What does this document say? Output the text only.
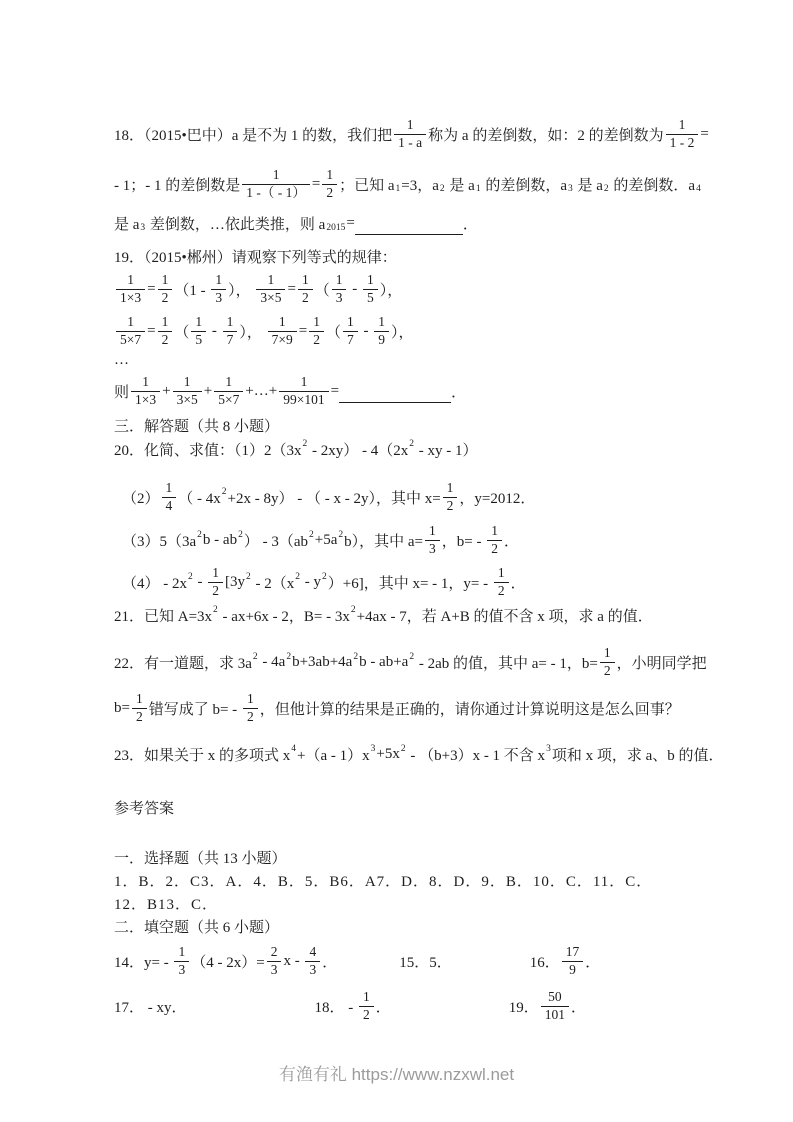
18．（2015•巴中）a 是不为 1 的数，我们把 $\frac{1}{1 - a}$ 称为 a 的差倒数，如：2 的差倒数为 $\frac{1}{1 - 2}$ =
- 1；- 1 的差倒数是 $\frac{1}{1 -( - 1)} = \frac{1}{2}$ ；已知 a 1 =3，a 2 是 a 1 的差倒数，a 3 是 a 2 的差倒数．a 4
是 a 3 差倒数，…依此类推，则 a 2015 =	．
19．（2015•郴州）请观察下列等式的规律：
$\frac{1}{1\times 3} = \frac{1}{2} (1 - \frac{1}{3}$ ）， $\frac{1}{3\times 5} = \frac{1}{2}$ （ $\frac{1}{3} - \frac{1}{5}$ ），
$\frac{1}{5\times 7} = \frac{1}{2}$ （ $\frac{1}{5} - \frac{1}{7}$ ）， $\frac{1}{7\times 9} = \frac{1}{2}$ （ $\frac{1}{7} - \frac{1}{9}$ ），
…
则 $\frac{1}{1\times 3} + \frac{1}{3\times 5} + \frac{1}{5\times 7}$ +…+ $\frac{1}{99\times 101}$ =	．
三．解答题（共 8 小题）
20．化简、求值：（1）2（3x 2 - 2xy） - 4（2x 2 - xy - 1）
$(2) \frac{1}{4}$ （ - 4x 2 +2x - 8y） - （ - x - 2y），其中 $x= \frac{1}{2}$ ，y=2012．
（3）5（3a 2 b - ab 2 ） - 3（ab 2 +5a 2 b），其中 $a= \frac{1}{3}$ ，$b= - \frac{1}{2}$ ．
（4） - 2x $2 - \frac{1}{2} [3y$ 2 - 2（x 2 - y 2 ）+6]，其中 x= - 1，$y= - \frac{1}{2}$ ．
21．已知 A=3x 2 - ax+6x - 2，B= - 3x 2 +4ax - 7，若 A+B 的值不含 x 项，求 a 的值．
22．有一道题，求 3a 2 - 4a 2 b+3ab+4a 2 b - ab+a 2 - 2ab 的值，其中 a= - 1，$b= \frac{1}{2}$ ，小明同学把
$b= \frac{1}{2}$ 错写成了 $b= - \frac{1}{2}$ ，但他计算的结果是正确的，请你通过计算说明这是怎么回事？
23．如果关于 x 的多项式 x 4 +（a - 1）x 3 +5x 2 - （b+3）x - 1 不含 x 3 项和 x 项，求 a、b 的值．
参考答案
一．选择题（共 13 小题）
1．B．2．C3．A．4．B．5．B6．A7．D．8．D．9．B．10．C．11．C．
12．B13．C．
二．填空题（共 6 小题）
14．$y= - \frac{1}{3} (4 - 2x)= \frac{2}{3}$ x - $\frac{4}{3}$ ．	15．5．	16． $\frac{17}{9}$ ．
17． - xy．	18． - $\frac{1}{2}$ ．	19． $\frac{50}{101}$ ．
有渔有礼 https://www.nzxwl.net
